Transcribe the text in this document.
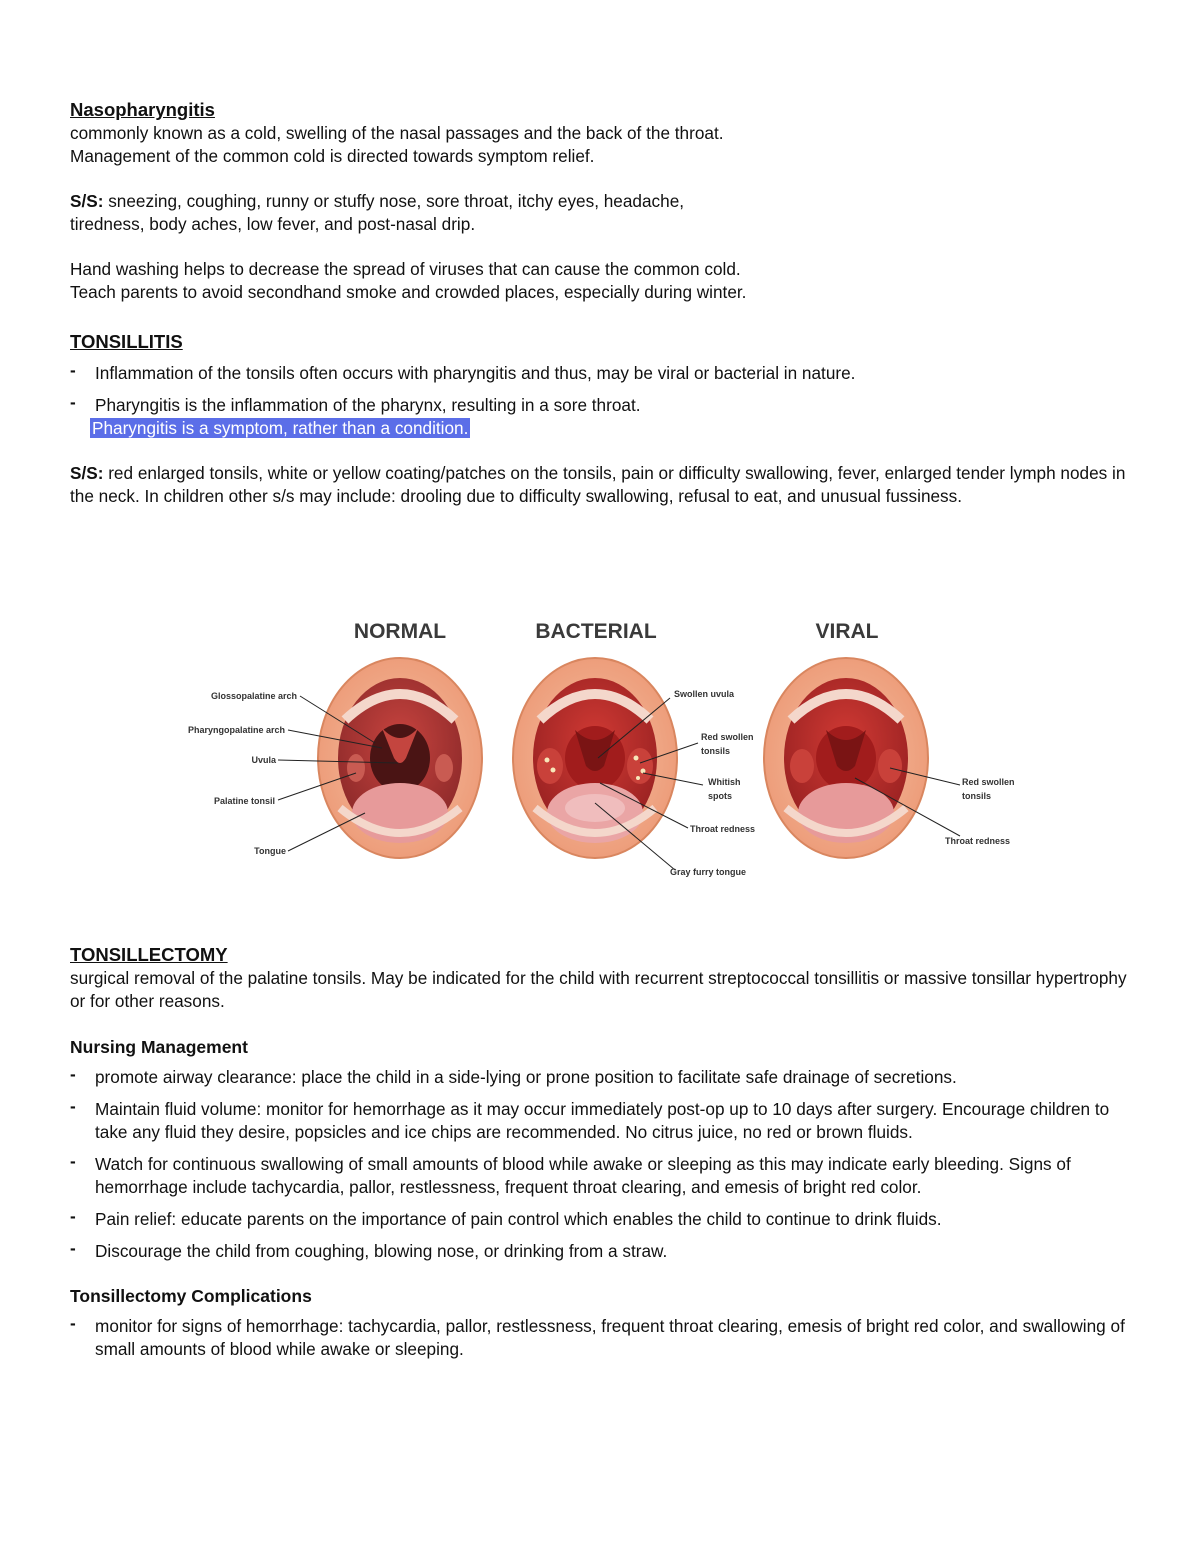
Nasopharyngitis

commonly known as a cold, swelling of the nasal passages and the back of the throat.

Management of the common cold is directed towards symptom relief.

S/S: sneezing, coughing, runny or stuffy nose, sore throat, itchy eyes, headache,

tiredness, body aches, low fever, and post-nasal drip.

Hand washing helps to decrease the spread of viruses that can cause the common cold.

Teach parents to avoid secondhand smoke and crowded places, especially during winter.

TONSILLITIS

- Inflammation of the tonsils often occurs with pharyngitis and thus, may be viral or bacterial in nature.
- Pharyngitis is the inflammation of the pharynx, resulting in a sore throat.
Pharyngitis is a symptom, rather than a condition.

S/S: red enlarged tonsils, white or yellow coating/patches on the tonsils, pain or difficulty swallowing, fever, enlarged tender lymph nodes in the neck. In children other s/s may include: drooling due to difficulty swallowing, refusal to eat, and unusual fussiness.

NORMAL	BACTERIAL	VIRAL
Glossopalatine arch
Pharyngopalatine arch
Uvula
Palatine tonsil
Tongue
Swollen uvula
Red swollen
tonsils
Whitish
spots
Throat redness
Gray furry tongue
Red swollen
tonsils
Throat redness

TONSILLECTOMY

surgical removal of the palatine tonsils. May be indicated for the child with recurrent streptococcal tonsillitis or massive tonsillar hypertrophy or for other reasons.

Nursing Management

- promote airway clearance: place the child in a side-lying or prone position to facilitate safe drainage of secretions.
- Maintain fluid volume: monitor for hemorrhage as it may occur immediately post-op up to 10 days after surgery. Encourage children to take any fluid they desire, popsicles and ice chips are recommended. No citrus juice, no red or brown fluids.
- Watch for continuous swallowing of small amounts of blood while awake or sleeping as this may indicate early bleeding. Signs of hemorrhage include tachycardia, pallor, restlessness, frequent throat clearing, and emesis of bright red color.
- Pain relief: educate parents on the importance of pain control which enables the child to continue to drink fluids.
- Discourage the child from coughing, blowing nose, or drinking from a straw.

Tonsillectomy Complications

- monitor for signs of hemorrhage: tachycardia, pallor, restlessness, frequent throat clearing, emesis of bright red color, and swallowing of small amounts of blood while awake or sleeping.
